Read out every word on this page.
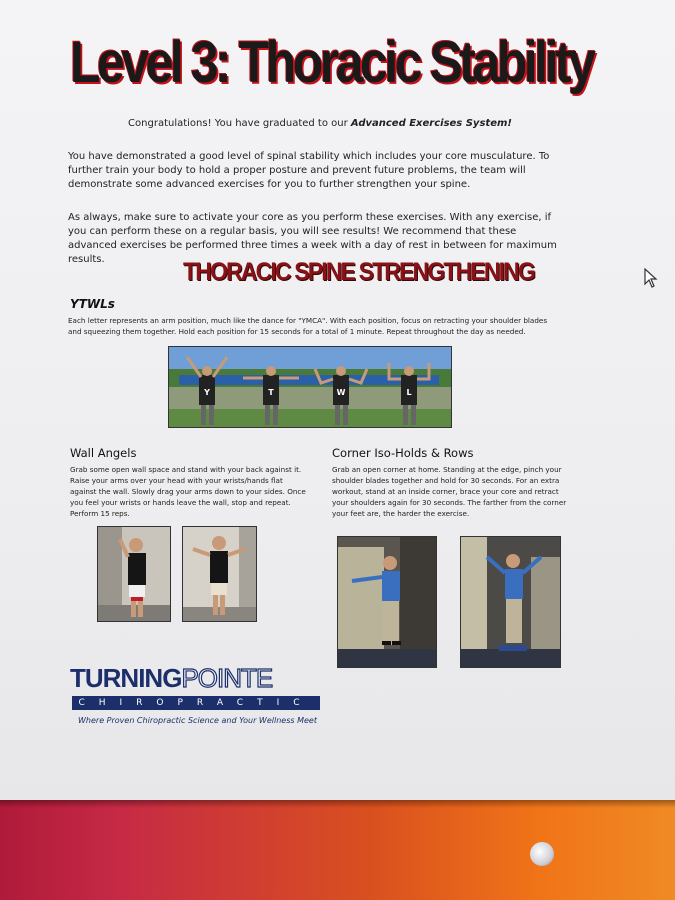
Level 3: Thoracic Stability
Congratulations! You have graduated to our Advanced Exercises System!
You have demonstrated a good level of spinal stability which includes your core musculature. To further train your body to hold a proper posture and prevent future problems, the team will demonstrate some advanced exercises for you to further strengthen your spine.
As always, make sure to activate your core as you perform these exercises. With any exercise, if you can perform these on a regular basis, you will see results! We recommend that these advanced exercises be performed three times a week with a day of rest in between for maximum results.	THORACIC SPINE STRENGTHENING
YTWLs
Each letter represents an arm position, much like the dance for "YMCA". With each position, focus on retracting your shoulder blades and squeezing them together. Hold each position for 15 seconds for a total of 1 minute. Repeat throughout the day as needed.
Y	T	W	L
Wall Angels
Grab some open wall space and stand with your back against it. Raise your arms over your head with your wrists/hands flat against the wall. Slowly drag your arms down to your sides. Once you feel your wrists or hands leave the wall, stop and repeat. Perform 15 reps.
Corner Iso-Holds & Rows
Grab an open corner at home. Standing at the edge, pinch your shoulder blades together and hold for 30 seconds. For an extra workout, stand at an inside corner, brace your core and retract your shoulders again for 30 seconds. The farther from the corner your feet are, the harder the exercise.
TURNINGPOINTE
CHIROPRACTIC
Where Proven Chiropractic Science and Your Wellness Meet
